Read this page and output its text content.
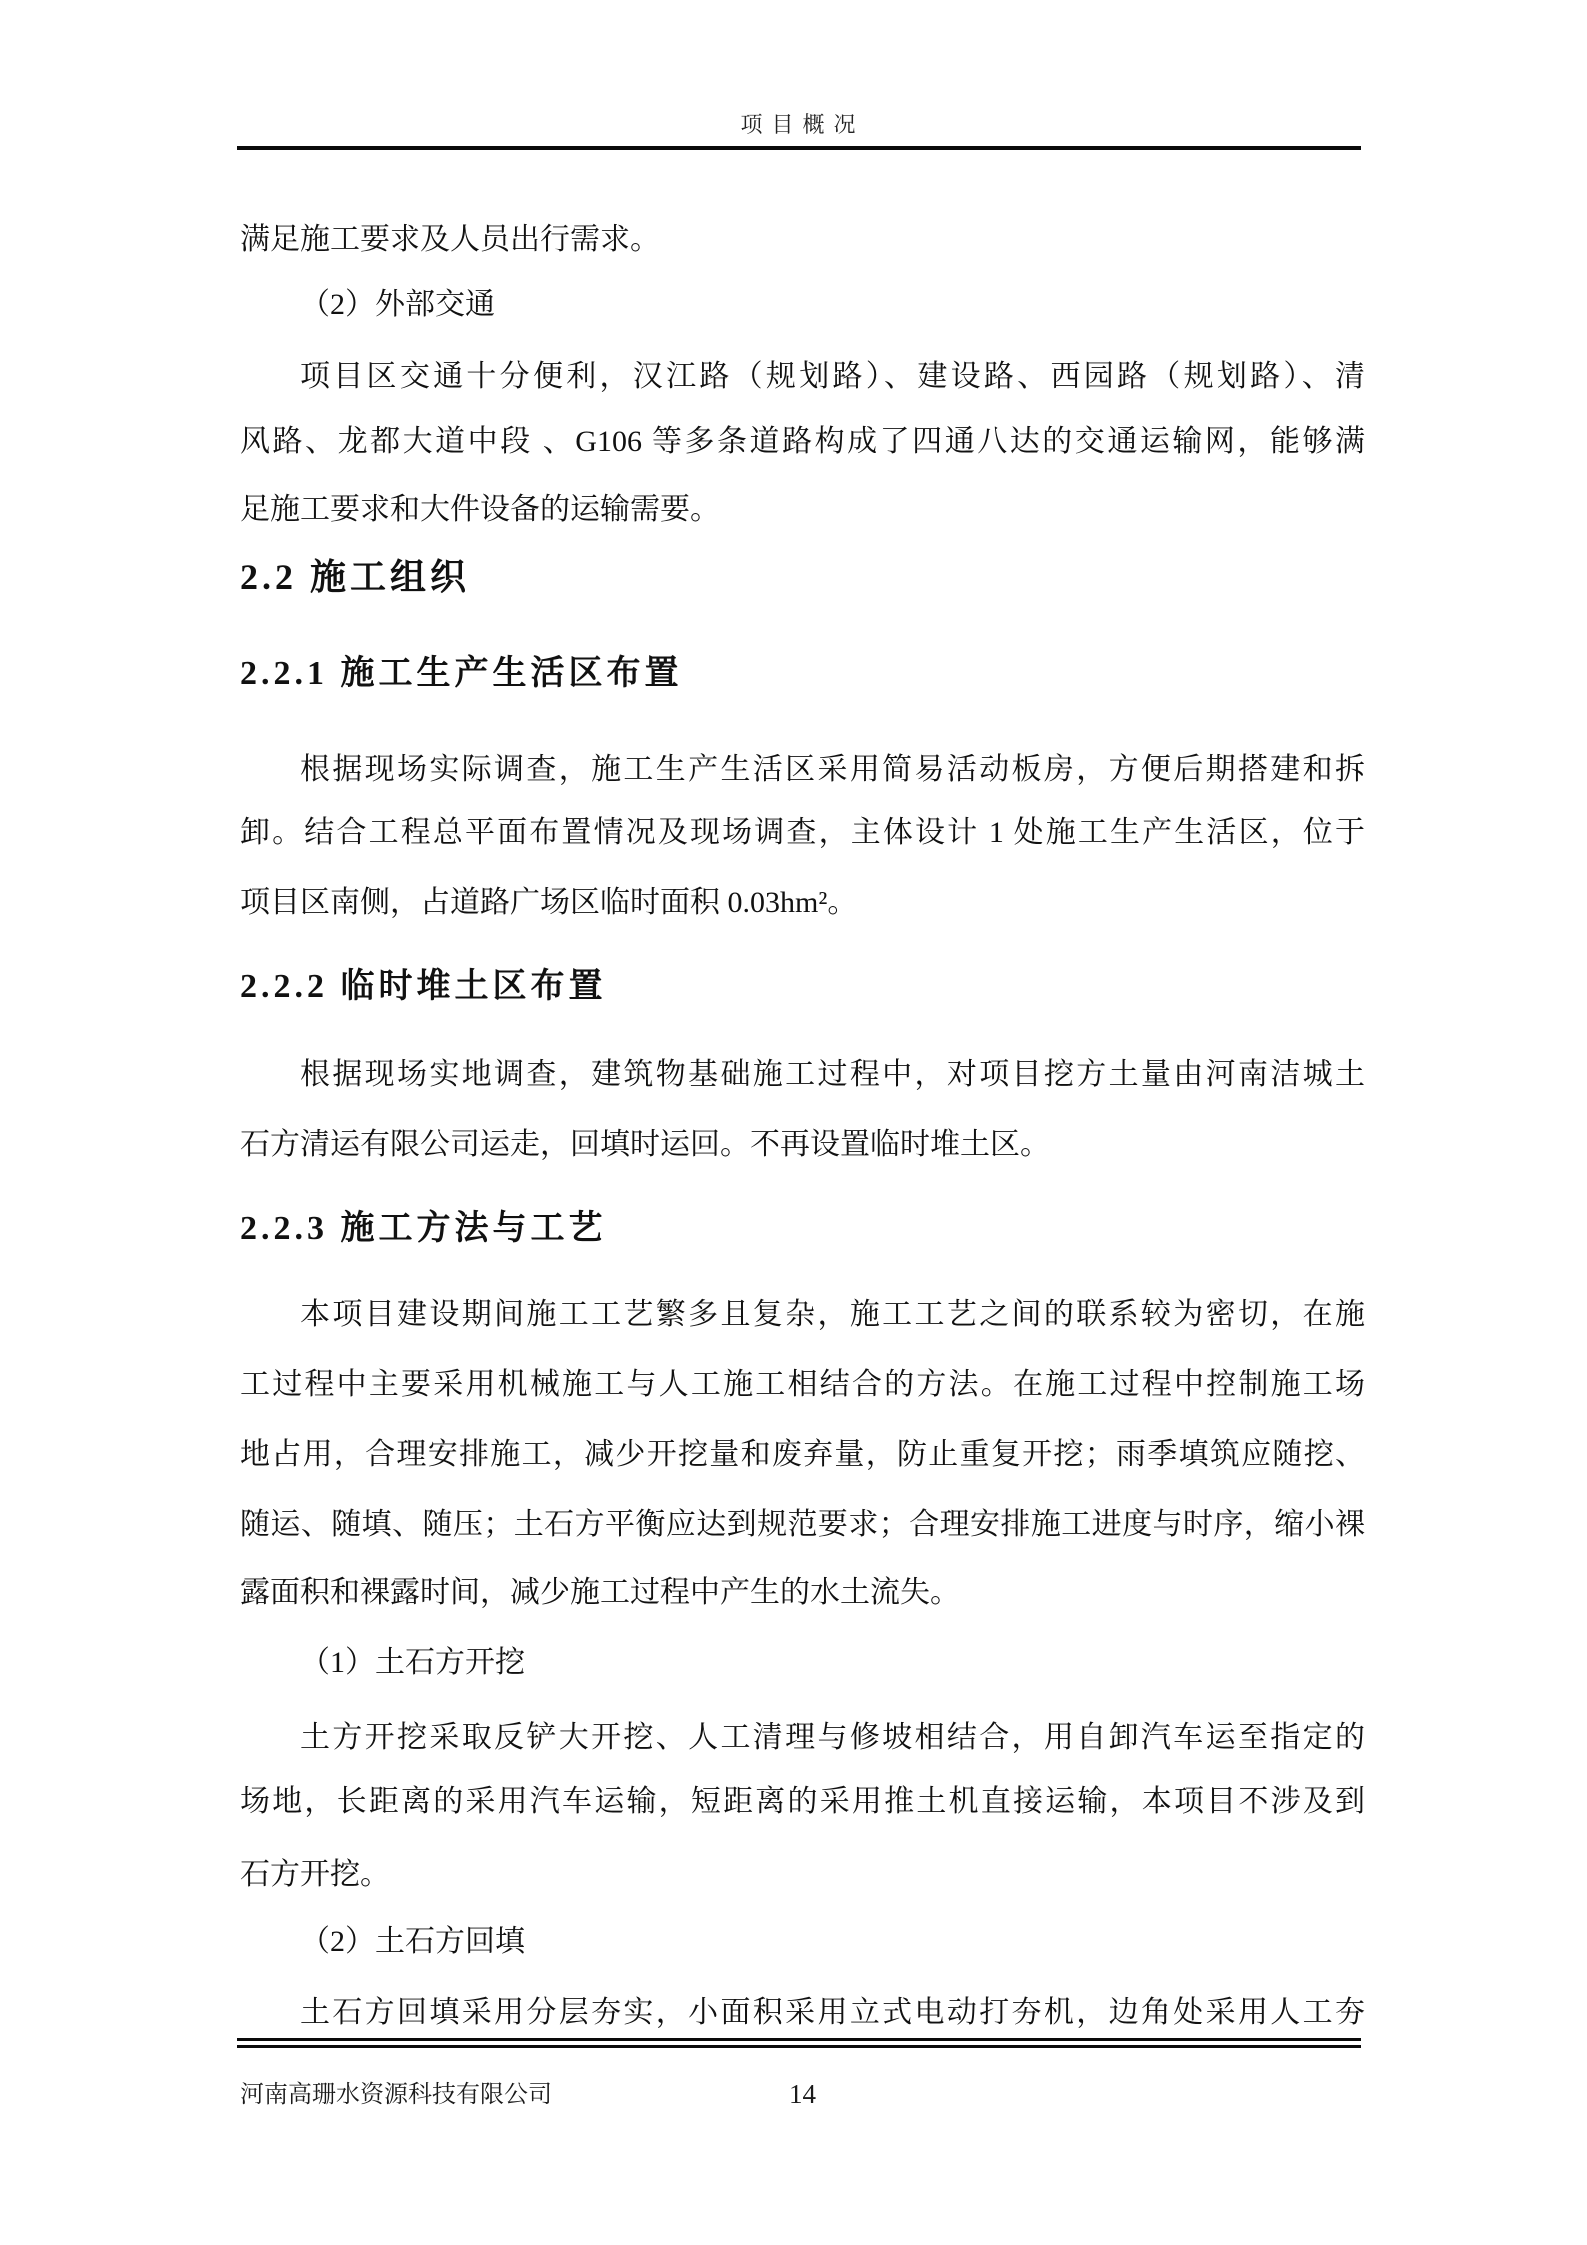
项目概况
满足施工要求及人员出行需求。
（2）外部交通
项目区交通十分便利，汉江路（规划路）、建设路、西园路（规划路）、清
风路、龙都大道中段 、G106 等多条道路构成了四通八达的交通运输网，能够满
足施工要求和大件设备的运输需要。
2.2 施工组织
2.2.1 施工生产生活区布置
根据现场实际调查，施工生产生活区采用简易活动板房，方便后期搭建和拆
卸。结合工程总平面布置情况及现场调查，主体设计 1 处施工生产生活区，位于
项目区南侧，占道路广场区临时面积 0.03hm²。
2.2.2 临时堆土区布置
根据现场实地调查，建筑物基础施工过程中，对项目挖方土量由河南洁城土
石方清运有限公司运走，回填时运回。不再设置临时堆土区。
2.2.3 施工方法与工艺
本项目建设期间施工工艺繁多且复杂，施工工艺之间的联系较为密切，在施
工过程中主要采用机械施工与人工施工相结合的方法。在施工过程中控制施工场
地占用，合理安排施工，减少开挖量和废弃量，防止重复开挖；雨季填筑应随挖、
随运、随填、随压；土石方平衡应达到规范要求；合理安排施工进度与时序，缩小裸
露面积和裸露时间，减少施工过程中产生的水土流失。
（1）土石方开挖
土方开挖采取反铲大开挖、人工清理与修坡相结合，用自卸汽车运至指定的
场地，长距离的采用汽车运输，短距离的采用推土机直接运输，本项目不涉及到
石方开挖。
（2）土石方回填
土石方回填采用分层夯实，小面积采用立式电动打夯机，边角处采用人工夯
14
河南高珊水资源科技有限公司
